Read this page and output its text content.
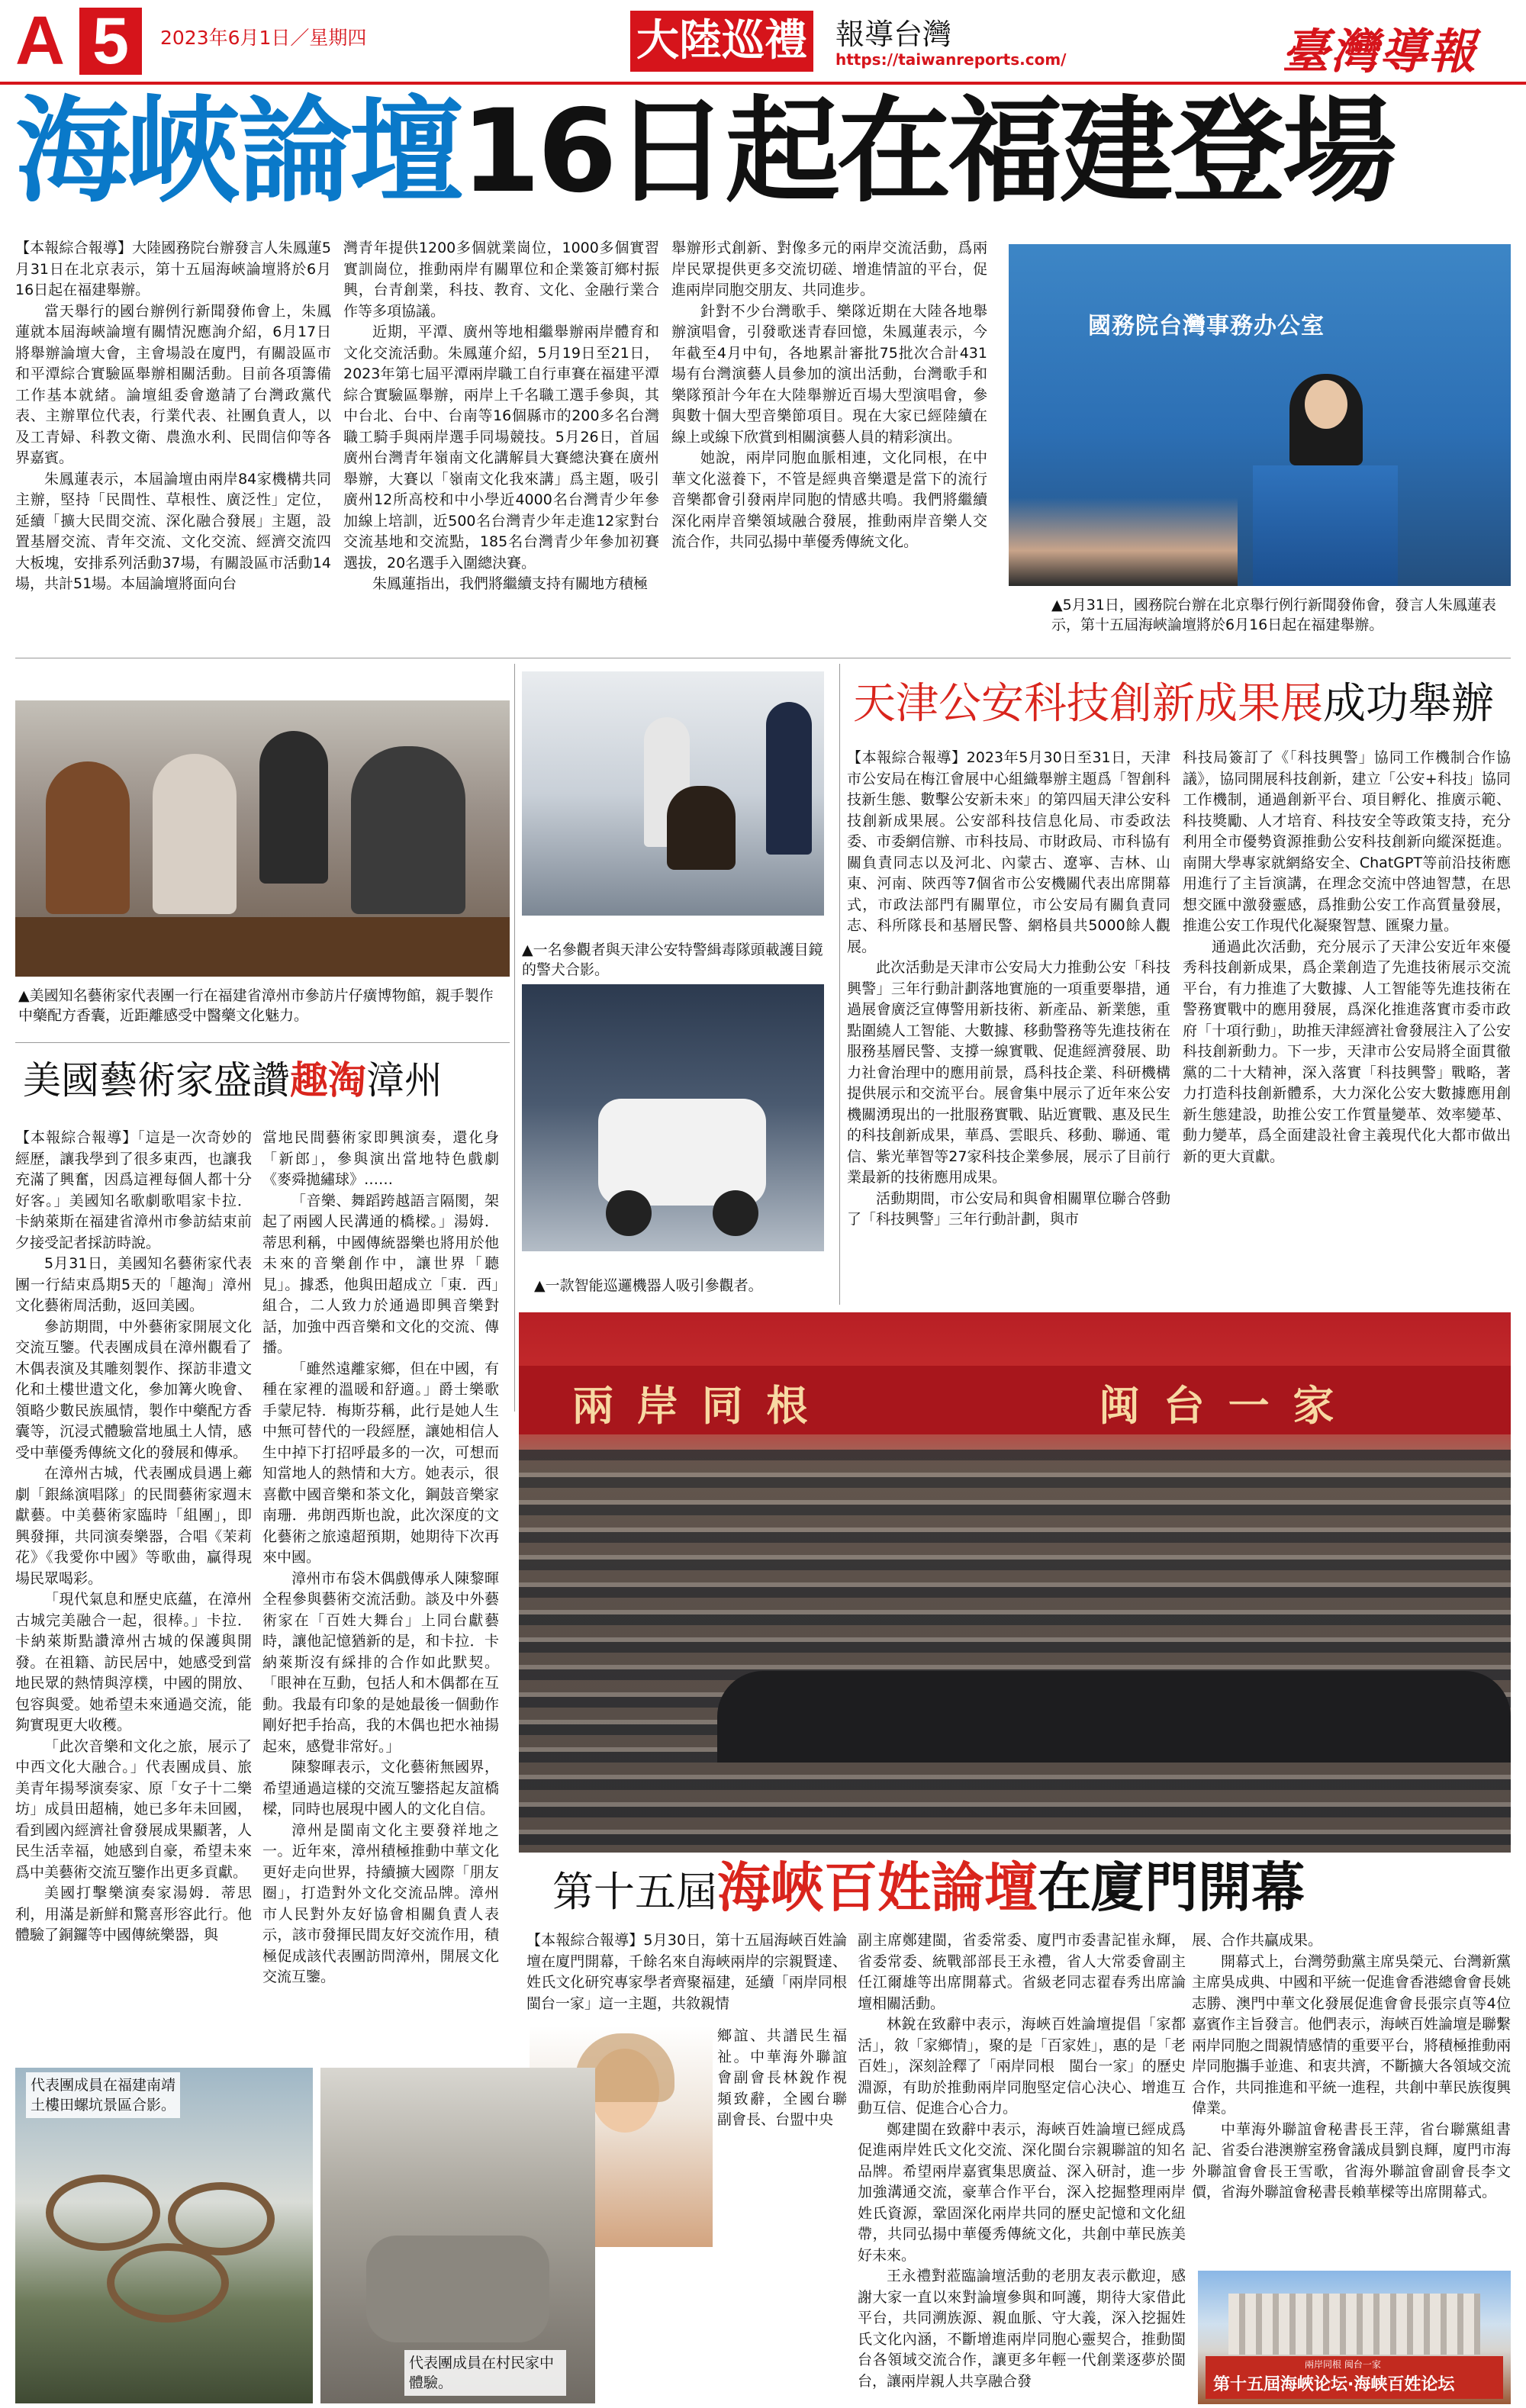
A 5	2023年6月1日／星期四	大陸巡禮 報導台灣
https://taiwanreports.com/	臺灣導報
海峽論壇16日起在福建登場

【本報綜合報導】大陸國務院台辦發言人朱鳳蓮5月31日在北京表示，第十五屆海峽論壇將於6月16日起在福建舉辦。

當天舉行的國台辦例行新聞發佈會上，朱鳳蓮就本屆海峽論壇有關情況應詢介紹，6月17日將舉辦論壇大會，主會場設在廈門，有關設區市和平潭綜合實驗區舉辦相關活動。目前各項籌備工作基本就緒。論壇組委會邀請了台灣政黨代表、主辦單位代表，行業代表、社團負責人，以及工青婦、科教文衛、農漁水利、民間信仰等各界嘉賓。

朱鳳蓮表示，本屆論壇由兩岸84家機構共同主辦，堅持「民間性、草根性、廣泛性」定位，延續「擴大民間交流、深化融合發展」主題，設置基層交流、青年交流、文化交流、經濟交流四大板塊，安排系列活動37場，有關設區市活動14場，共計51場。本屆論壇將面向台

灣青年提供1200多個就業崗位，1000多個實習實訓崗位，推動兩岸有關單位和企業簽訂鄉村振興，台青創業，科技、教育、文化、金融行業合作等多項協議。

近期，平潭、廣州等地相繼舉辦兩岸體育和文化交流活動。朱鳳蓮介紹，5月19日至21日，2023年第七屆平潭兩岸職工自行車賽在福建平潭綜合實驗區舉辦，兩岸上千名職工選手參與，其中台北、台中、台南等16個縣市的200多名台灣職工騎手與兩岸選手同場競技。5月26日，首屆廣州台灣青年嶺南文化講解員大賽總決賽在廣州舉辦，大賽以「嶺南文化我來講」爲主題，吸引廣州12所高校和中小學近4000名台灣青少年參加線上培訓，近500名台灣青少年走進12家對台交流基地和交流點，185名台灣青少年參加初賽選拔，20名選手入圍總決賽。

朱鳳蓮指出，我們將繼續支持有關地方積極

舉辦形式創新、對像多元的兩岸交流活動，爲兩岸民眾提供更多交流切磋、增進情誼的平台，促進兩岸同胞交朋友、共同進步。

針對不少台灣歌手、樂隊近期在大陸各地舉辦演唱會，引發歌迷青春回憶，朱鳳蓮表示，今年截至4月中旬，各地累計審批75批次合計431場有台灣演藝人員參加的演出活動，台灣歌手和樂隊預計今年在大陸舉辦近百場大型演唱會，參與數十個大型音樂節項目。現在大家已經陸續在線上或線下欣賞到相關演藝人員的精彩演出。

她說，兩岸同胞血脈相連，文化同根，在中華文化滋養下，不管是經典音樂還是當下的流行音樂都會引發兩岸同胞的情感共鳴。我們將繼續深化兩岸音樂領域融合發展，推動兩岸音樂人交流合作，共同弘揚中華優秀傳統文化。

國務院台灣事務办公室
▲5月31日，國務院台辦在北京舉行例行新聞發佈會，發言人朱鳳蓮表示，第十五屆海峽論壇將於6月16日起在福建舉辦。
▲美國知名藝術家代表團一行在福建省漳州市參訪片仔癀博物館，親手製作中藥配方香囊，近距離感受中醫藥文化魅力。
▲一名參觀者與天津公安特警緝毒隊頭載護目鏡的警犬合影。
天津公安科技創新成果展成功舉辦

【本報綜合報導】2023年5月30日至31日，天津市公安局在梅江會展中心組織舉辦主題爲「智創科技新生態、數擊公安新未來」的第四屆天津公安科技創新成果展。公安部科技信息化局、市委政法委、市委網信辦、市科技局、市財政局、市科協有關負責同志以及河北、內蒙古、遼寧、吉林、山東、河南、陝西等7個省市公安機關代表出席開幕式，市政法部門有關單位，市公安局有關負責同志、科所隊長和基層民警、網格員共5000餘人觀展。

此次活動是天津市公安局大力推動公安「科技興警」三年行動計劃落地實施的一項重要舉措，通過展會廣泛宣傳警用新技術、新產品、新業態，重點圍繞人工智能、大數據、移動警務等先進技術在服務基層民警、支撐一線實戰、促進經濟發展、助力社會治理中的應用前景，爲科技企業、科研機構提供展示和交流平台。展會集中展示了近年來公安機關湧現出的一批服務實戰、貼近實戰、惠及民生的科技創新成果，華爲、雲眼兵、移動、聯通、電信、紫光華智等27家科技企業參展，展示了目前行業最新的技術應用成果。

活動期間，市公安局和與會相關單位聯合啓動了「科技興警」三年行動計劃，與市

科技局簽訂了《「科技興警」協同工作機制合作協議》，協同開展科技創新，建立「公安+科技」協同工作機制，通過創新平台、項目孵化、推廣示範、科技獎勵、人才培育、科技安全等政策支持，充分利用全市優勢資源推動公安科技創新向縱深挺進。南開大學專家就網絡安全、ChatGPT等前沿技術應用進行了主旨演講，在理念交流中啓迪智慧，在思想交匯中激發靈感，爲推動公安工作高質量發展，推進公安工作現代化凝聚智慧、匯聚力量。

通過此次活動，充分展示了天津公安近年來優秀科技創新成果，爲企業創造了先進技術展示交流平台，有力推進了大數據、人工智能等先進技術在警務實戰中的應用發展，爲深化推進落實市委市政府「十項行動」，助推天津經濟社會發展注入了公安科技創新動力。下一步，天津市公安局將全面貫徹黨的二十大精神，深入落實「科技興警」戰略，著力打造科技創新體系，大力深化公安大數據應用創新生態建設，助推公安工作質量變革、效率變革、動力變革，爲全面建設社會主義現代化大都市做出新的更大貢獻。

▲一款智能巡邏機器人吸引參觀者。
美國藝術家盛讚趣淘漳州

【本報綜合報導】「這是一次奇妙的經歷，讓我學到了很多東西，也讓我充滿了興奮，因爲這裡每個人都十分好客。」美國知名歌劇歌唱家卡拉．卡納萊斯在福建省漳州市參訪結束前夕接受記者採訪時說。

5月31日，美國知名藝術家代表團一行結束爲期5天的「趣淘」漳州文化藝術周活動，返回美國。

參訪期間，中外藝術家開展文化交流互鑒。代表團成員在漳州觀看了木偶表演及其雕刻製作、探訪非遺文化和土樓世遺文化，參加篝火晚會、領略少數民族風情，製作中藥配方香囊等，沉浸式體驗當地風土人情，感受中華優秀傳統文化的發展和傳承。

在漳州古城，代表團成員遇上薌劇「銀絲演唱隊」的民間藝術家週末獻藝。中美藝術家臨時「組團」，即興發揮，共同演奏樂器，合唱《茉莉花》《我愛你中國》等歌曲，贏得現場民眾喝彩。

「現代氣息和歷史底蘊，在漳州古城完美融合一起，很棒。」卡拉．卡納萊斯點讚漳州古城的保護與開發。在祖籍、訪民居中，她感受到當地民眾的熱情與淳樸，中國的開放、包容與愛。她希望未來通過交流，能夠實現更大收穫。

「此次音樂和文化之旅，展示了中西文化大融合。」代表團成員、旅美青年揚琴演奏家、原「女子十二樂坊」成員田超楠，她已多年未回國，看到國內經濟社會發展成果顯著，人民生活幸福，她感到自豪，希望未來爲中美藝術交流互鑒作出更多貢獻。

美國打擊樂演奏家湯姆．蒂思利，用滿是新鮮和驚喜形容此行。他體驗了銅鑼等中國傳統樂器，與

當地民間藝術家即興演奏，還化身「新郎」，參與演出當地特色戲劇《麥舜拋繡球》……

「音樂、舞蹈跨越語言隔閡，架起了兩國人民溝通的橋樑。」湯姆．蒂思利稱，中國傳統器樂也將用於他未來的音樂創作中，讓世界「聽見」。據悉，他與田超成立「東．西」組合，二人致力於通過即興音樂對話，加強中西音樂和文化的交流、傳播。

「雖然遠離家鄉，但在中國，有種在家裡的溫暖和舒適。」爵士樂歌手蒙尼特．梅斯芬稱，此行是她人生中無可替代的一段經歷，讓她相信人生中掉下打招呼最多的一次，可想而知當地人的熱情和大方。她表示，很喜歡中國音樂和茶文化，鋼鼓音樂家南珊．弗朗西斯也說，此次深度的文化藝術之旅遠超預期，她期待下次再來中國。

漳州市布袋木偶戲傳承人陳黎暉全程參與藝術交流活動。談及中外藝術家在「百姓大舞台」上同台獻藝時，讓他記憶猶新的是，和卡拉．卡納萊斯沒有綵排的合作如此默契。「眼神在互動，包括人和木偶都在互動。我最有印象的是她最後一個動作剛好把手抬高，我的木偶也把水袖揚起來，感覺非常好。」

陳黎暉表示，文化藝術無國界，希望通過這樣的交流互鑒搭起友誼橋樑，同時也展現中國人的文化自信。

漳州是閩南文化主要發祥地之一。近年來，漳州積極推動中華文化更好走向世界，持續擴大國際「朋友圈」，打造對外文化交流品牌。漳州市人民對外友好協會相關負責人表示，該市發揮民間友好交流作用，積極促成該代表團訪問漳州，開展文化交流互鑒。

兩 岸 同 根	闽 台 一 家
第十五屆海峽百姓論壇在廈門開幕

【本報綜合報導】5月30日，第十五屆海峽百姓論壇在廈門開幕，千餘名來自海峽兩岸的宗親賢達、姓氏文化研究專家學者齊聚福建，延續「兩岸同根　閩台一家」這一主題，共敘親情

鄉誼、共譜民生福祉。中華海外聯誼會副會長林銳作視頻致辭，全國台聯副會長、台盟中央

副主席鄭建閩，省委常委、廈門市委書記崔永輝，省委常委、統戰部部長王永禮，省人大常委會副主任江爾雄等出席開幕式。省級老同志翟春秀出席論壇相關活動。

林銳在致辭中表示，海峽百姓論壇提倡「家都活」，敘「家鄉情」，聚的是「百家姓」，惠的是「老百姓」，深刻詮釋了「兩岸同根　閩台一家」的歷史淵源，有助於推動兩岸同胞堅定信心決心、增進互動互信、促進合心合力。

鄭建閩在致辭中表示，海峽百姓論壇已經成爲促進兩岸姓氏文化交流、深化閩台宗親聯誼的知名品牌。希望兩岸嘉賓集思廣益、深入研討，進一步加強溝通交流，豪華合作平台，深入挖掘整理兩岸姓氏資源，鞏固深化兩岸共同的歷史記憶和文化紐帶，共同弘揚中華優秀傳統文化，共創中華民族美好未來。

王永禮對蒞臨論壇活動的老朋友表示歡迎，感謝大家一直以來對論壇參與和呵護，期待大家借此平台，共同溯族源、親血脈、守大義，深入挖掘姓氏文化內涵，不斷增進兩岸同胞心靈契合，推動閩台各領域交流合作，讓更多年輕一代創業逐夢於閩台，讓兩岸親人共享融合發

展、合作共贏成果。

開幕式上，台灣勞動黨主席吳榮元、台灣新黨主席吳成典、中國和平統一促進會香港總會會長姚志勝、澳門中華文化發展促進會會長張宗貞等4位嘉賓作主旨發言。他們表示，海峽百姓論壇是聯繫兩岸同胞之間親情感情的重要平台，將積極推動兩岸同胞攜手並進、和衷共濟，不斷擴大各領域交流合作，共同推進和平統一進程，共創中華民族復興偉業。

中華海外聯誼會秘書長王萍，省台聯黨組書記、省委台港澳辦室務會議成員劉良輝，廈門市海外聯誼會會長王雪歌，省海外聯誼會副會長李文價，省海外聯誼會秘書長賴華樑等出席開幕式。

兩岸同根 闽台一家
第十五屆海峽论坛·海峡百姓论坛
代表團成員在福建南靖土樓田螺坑景區合影。
代表團成員在村民家中體驗。
